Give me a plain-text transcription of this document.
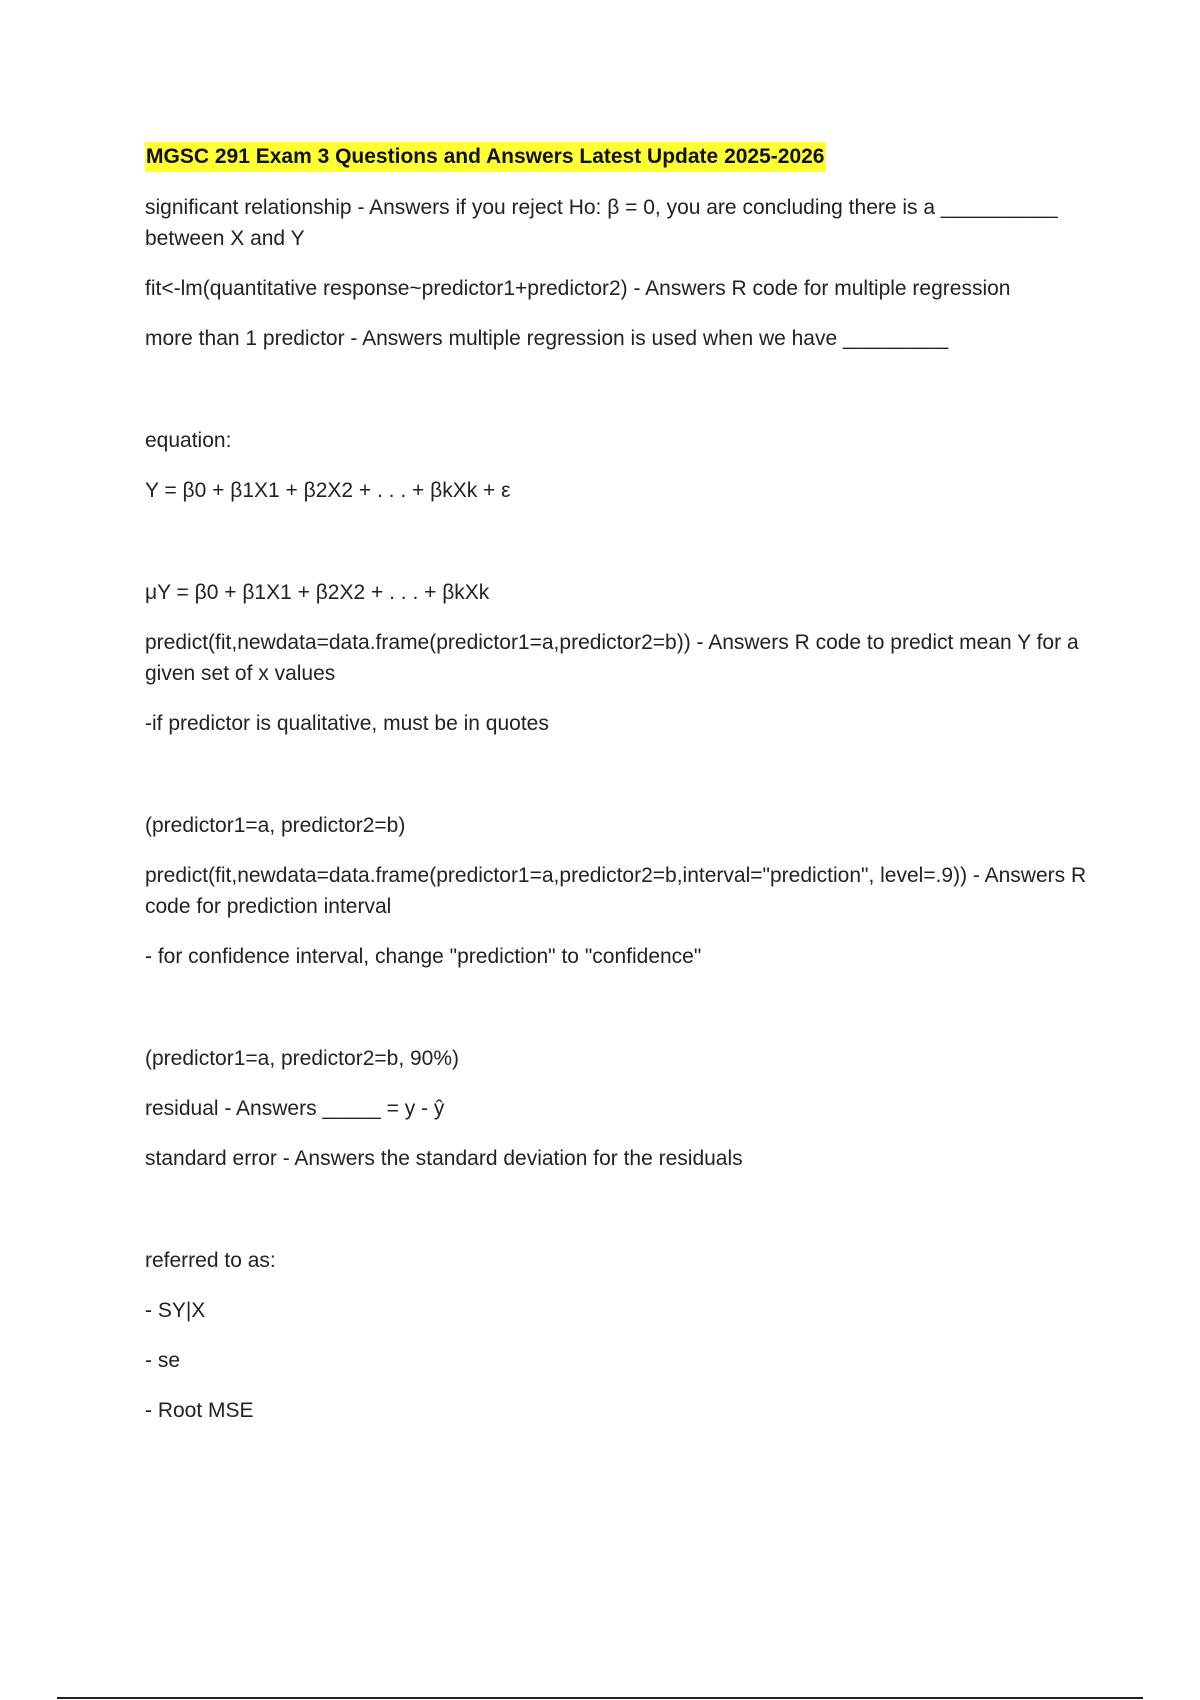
MGSC 291 Exam 3 Questions and Answers Latest Update 2025-2026

significant relationship - Answers if you reject Ho: β = 0, you are concluding there is a __________ between X and Y

fit<-lm(quantitative response~predictor1+predictor2) - Answers R code for multiple regression

more than 1 predictor - Answers multiple regression is used when we have _________

equation:

Y = β0 + β1X1 + β2X2 + . . . + βkXk + ε

μY = β0 + β1X1 + β2X2 + . . . + βkXk

predict(fit,newdata=data.frame(predictor1=a,predictor2=b)) - Answers R code to predict mean Y for a given set of x values

-if predictor is qualitative, must be in quotes

(predictor1=a, predictor2=b)

predict(fit,newdata=data.frame(predictor1=a,predictor2=b,interval="prediction", level=.9)) - Answers R code for prediction interval

- for confidence interval, change "prediction" to "confidence"

(predictor1=a, predictor2=b, 90%)

residual - Answers _____ = y - ŷ

standard error - Answers the standard deviation for the residuals

referred to as:

- SY|X

- se

- Root MSE
